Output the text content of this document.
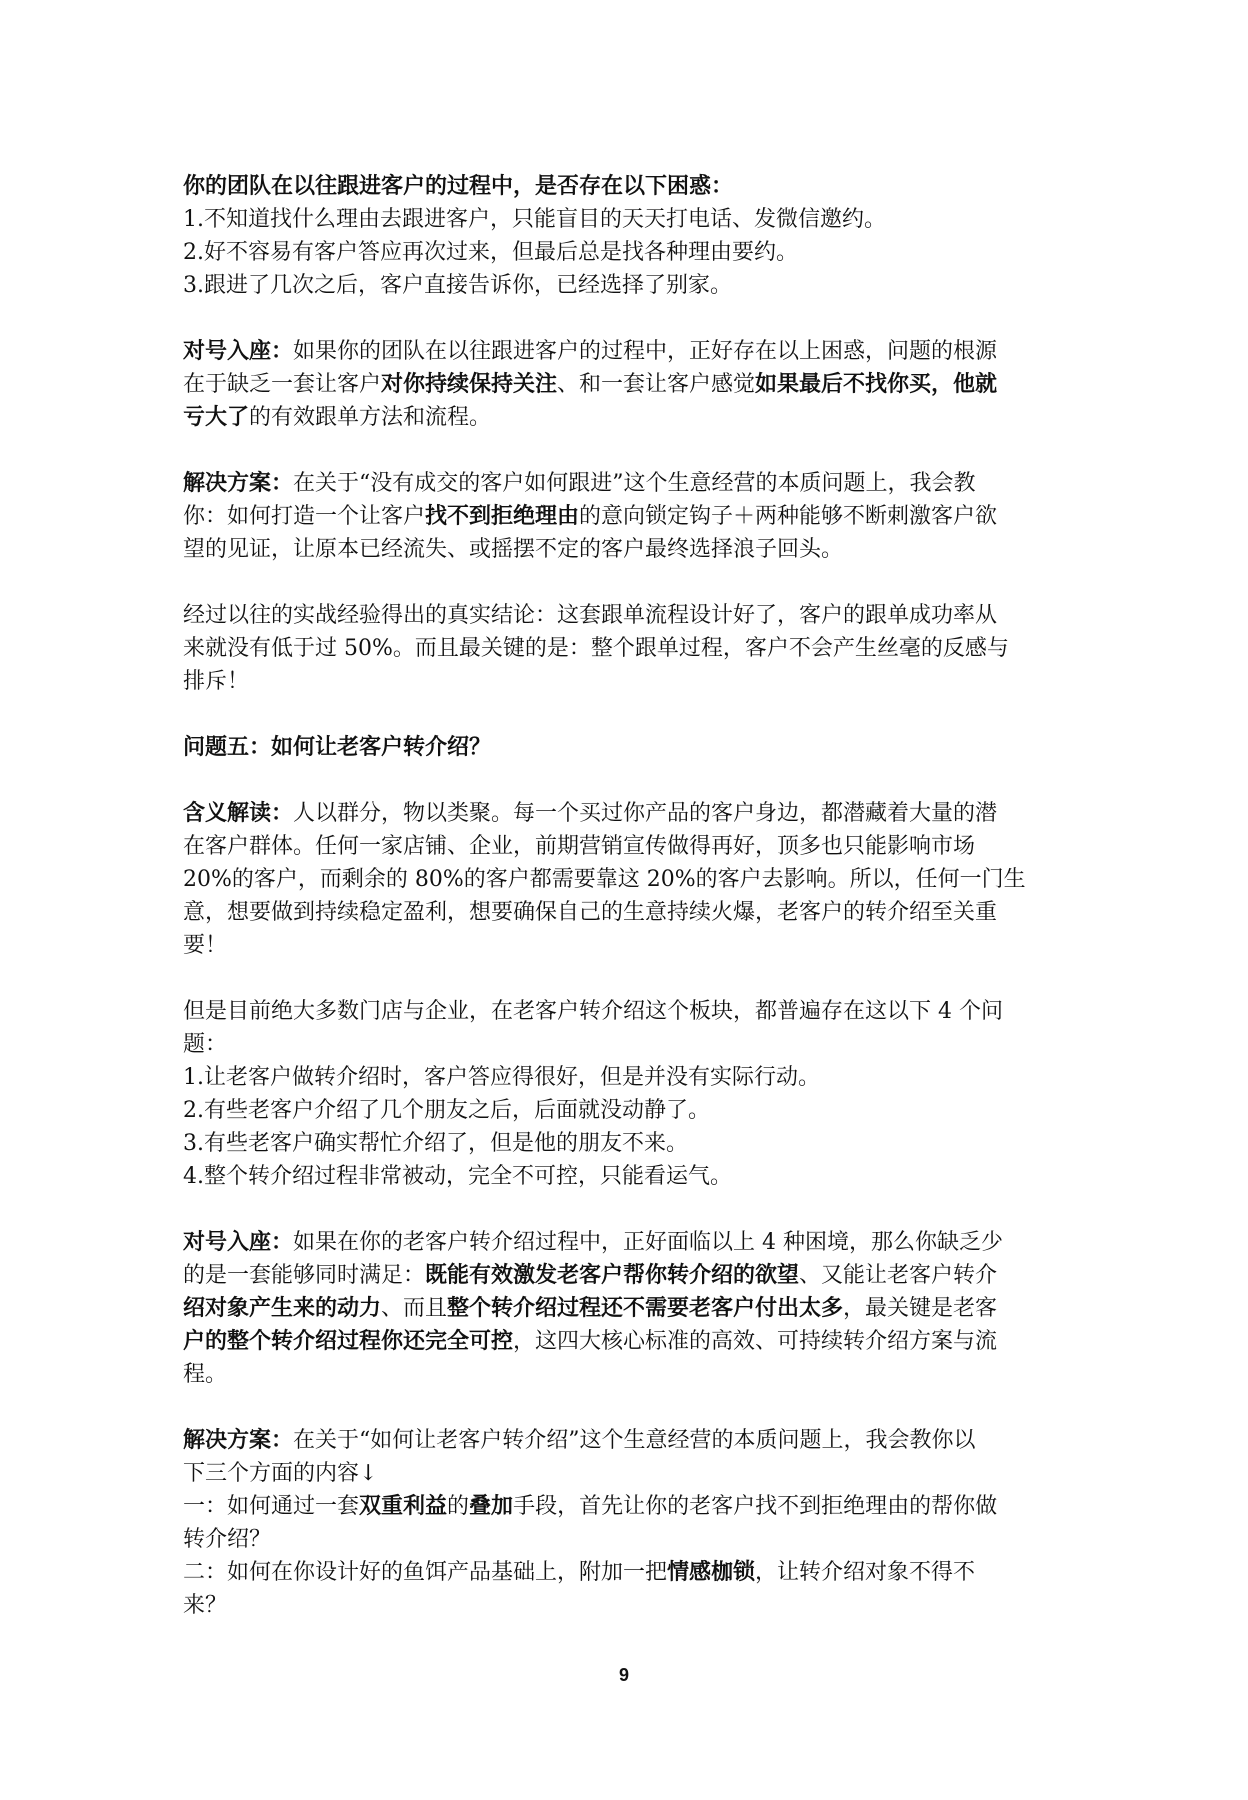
你的团队在以往跟进客户的过程中，是否存在以下困惑：
1.不知道找什么理由去跟进客户，只能盲目的天天打电话、发微信邀约。
2.好不容易有客户答应再次过来，但最后总是找各种理由要约。
3.跟进了几次之后，客户直接告诉你，已经选择了别家。
对号入座：如果你的团队在以往跟进客户的过程中，正好存在以上困惑，问题的根源
在于缺乏一套让客户对你持续保持关注、和一套让客户感觉如果最后不找你买，他就
亏大了的有效跟单方法和流程。
解决方案：在关于“没有成交的客户如何跟进”这个生意经营的本质问题上，我会教
你：如何打造一个让客户找不到拒绝理由的意向锁定钩子＋两种能够不断刺激客户欲
望的见证，让原本已经流失、或摇摆不定的客户最终选择浪子回头。
经过以往的实战经验得出的真实结论：这套跟单流程设计好了，客户的跟单成功率从
来就没有低于过 50%。而且最关键的是：整个跟单过程，客户不会产生丝毫的反感与
排斥！
问题五：如何让老客户转介绍？
含义解读：人以群分，物以类聚。每一个买过你产品的客户身边，都潜藏着大量的潜
在客户群体。任何一家店铺、企业，前期营销宣传做得再好，顶多也只能影响市场
20%的客户，而剩余的 80%的客户都需要靠这 20%的客户去影响。所以，任何一门生
意，想要做到持续稳定盈利，想要确保自己的生意持续火爆，老客户的转介绍至关重
要！
但是目前绝大多数门店与企业，在老客户转介绍这个板块，都普遍存在这以下 4 个问
题：
1.让老客户做转介绍时，客户答应得很好，但是并没有实际行动。
2.有些老客户介绍了几个朋友之后，后面就没动静了。
3.有些老客户确实帮忙介绍了，但是他的朋友不来。
4.整个转介绍过程非常被动，完全不可控，只能看运气。
对号入座：如果在你的老客户转介绍过程中，正好面临以上 4 种困境，那么你缺乏少
的是一套能够同时满足：既能有效激发老客户帮你转介绍的欲望、又能让老客户转介
绍对象产生来的动力、而且整个转介绍过程还不需要老客户付出太多，最关键是老客
户的整个转介绍过程你还完全可控，这四大核心标准的高效、可持续转介绍方案与流
程。
解决方案：在关于“如何让老客户转介绍”这个生意经营的本质问题上，我会教你以
下三个方面的内容↓
一：如何通过一套双重利益的叠加手段，首先让你的老客户找不到拒绝理由的帮你做
转介绍？
二：如何在你设计好的鱼饵产品基础上，附加一把情感枷锁，让转介绍对象不得不
来？
9
